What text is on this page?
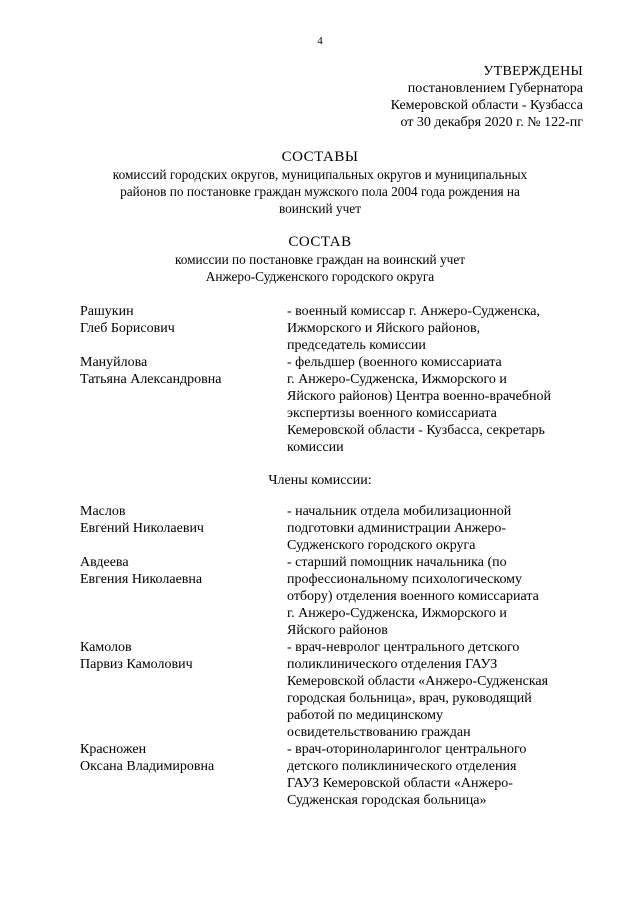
4
УТВЕРЖДЕНЫ
постановлением Губернатора
Кемеровской области - Кузбасса
от 30 декабря 2020 г. № 122-пг
СОСТАВЫ
комиссий городских округов, муниципальных округов и муниципальных
районов по постановке граждан мужского пола 2004 года рождения на
воинский учет
СОСТАВ
комиссии по постановке граждан на воинский учет
Анжеро-Судженского городского округа
Рашукин
Глеб Борисович
- военный комиссар г. Анжеро-Судженска,
Ижморского и Яйского районов,
председатель комиссии
Мануйлова
Татьяна Александровна
- фельдшер (военного комиссариата
г. Анжеро-Судженска, Ижморского и
Яйского районов) Центра военно-врачебной
экспертизы военного комиссариата
Кемеровской области - Кузбасса, секретарь
комиссии
Члены комиссии:
Маслов
Евгений Николаевич
- начальник отдела мобилизационной
подготовки администрации Анжеро-
Судженского городского округа
Авдеева
Евгения Николаевна
- старший помощник начальника (по
профессиональному психологическому
отбору) отделения военного комиссариата
г. Анжеро-Судженска, Ижморского и
Яйского районов
Камолов
Парвиз Камолович
- врач-невролог центрального детского
поликлинического отделения ГАУЗ
Кемеровской области «Анжеро-Судженская
городская больница», врач, руководящий
работой по медицинскому
освидетельствованию граждан
Красножен
Оксана Владимировна
- врач-оториноларинголог центрального
детского поликлинического отделения
ГАУЗ Кемеровской области «Анжеро-
Судженская городская больница»
